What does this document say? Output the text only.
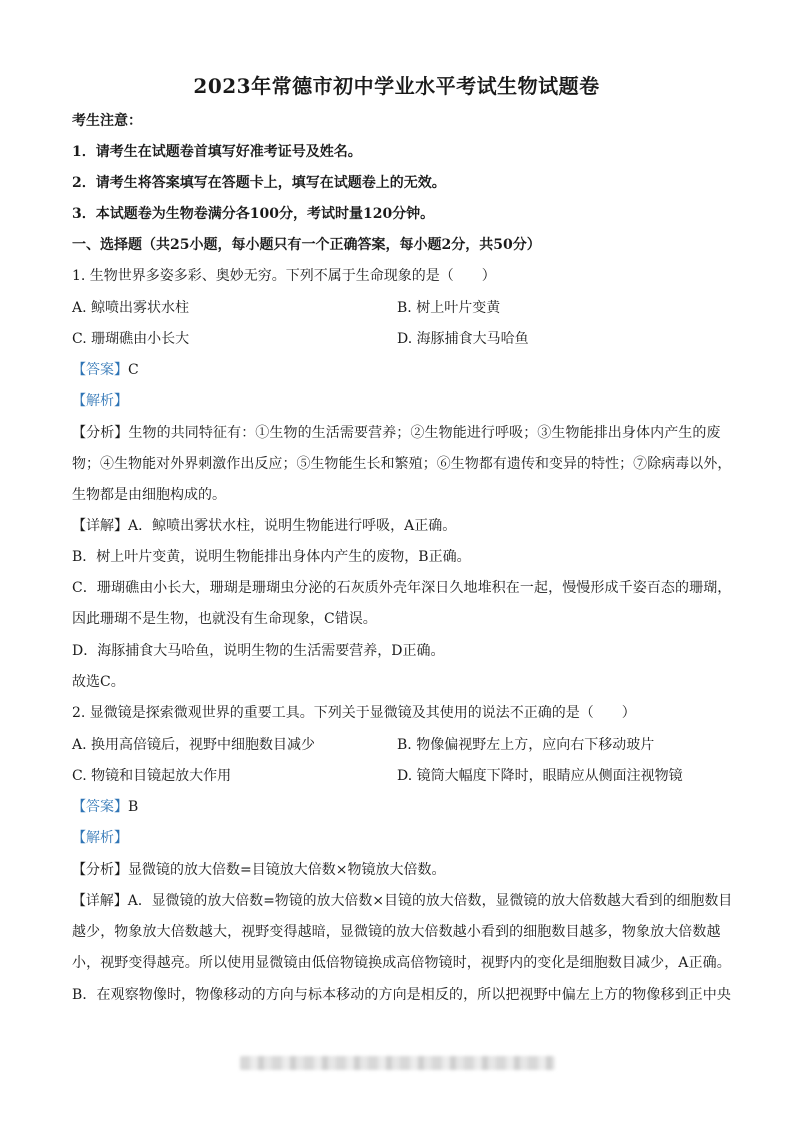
2023年常德市初中学业水平考试生物试题卷
考生注意：
1．请考生在试题卷首填写好准考证号及姓名。
2．请考生将答案填写在答题卡上，填写在试题卷上的无效。
3．本试题卷为生物卷满分各100分，考试时量120分钟。
一、选择题（共25小题，每小题只有一个正确答案，每小题2分，共50分）
1. 生物世界多姿多彩、奥妙无穷。下列不属于生命现象的是（　　）
A. 鲸喷出雾状水柱	B. 树上叶片变黄
C. 珊瑚礁由小长大	D. 海豚捕食大马哈鱼
【答案】C
【解析】
【分析】生物的共同特征有：①生物的生活需要营养；②生物能进行呼吸；③生物能排出身体内产生的废
物；④生物能对外界刺激作出反应；⑤生物能生长和繁殖；⑥生物都有遗传和变异的特性；⑦除病毒以外，
生物都是由细胞构成的。
【详解】A．鲸喷出雾状水柱，说明生物能进行呼吸，A正确。
B．树上叶片变黄，说明生物能排出身体内产生的废物，B正确。
C．珊瑚礁由小长大，珊瑚是珊瑚虫分泌的石灰质外壳年深日久地堆积在一起，慢慢形成千姿百态的珊瑚，
因此珊瑚不是生物，也就没有生命现象，C错误。
D．海豚捕食大马哈鱼，说明生物的生活需要营养，D正确。
故选C。
2. 显微镜是探索微观世界的重要工具。下列关于显微镜及其使用的说法不正确的是（　　）
A. 换用高倍镜后，视野中细胞数目减少	B. 物像偏视野左上方，应向右下移动玻片
C. 物镜和目镜起放大作用	D. 镜筒大幅度下降时，眼睛应从侧面注视物镜
【答案】B
【解析】
【分析】显微镜的放大倍数=目镜放大倍数×物镜放大倍数。
【详解】A．显微镜的放大倍数=物镜的放大倍数×目镜的放大倍数，显微镜的放大倍数越大看到的细胞数目
越少，物象放大倍数越大，视野变得越暗，显微镜的放大倍数越小看到的细胞数目越多，物象放大倍数越
小，视野变得越亮。所以使用显微镜由低倍物镜换成高倍物镜时，视野内的变化是细胞数目减少，A正确。
B．在观察物像时，物像移动的方向与标本移动的方向是相反的，所以把视野中偏左上方的物像移到正中央
